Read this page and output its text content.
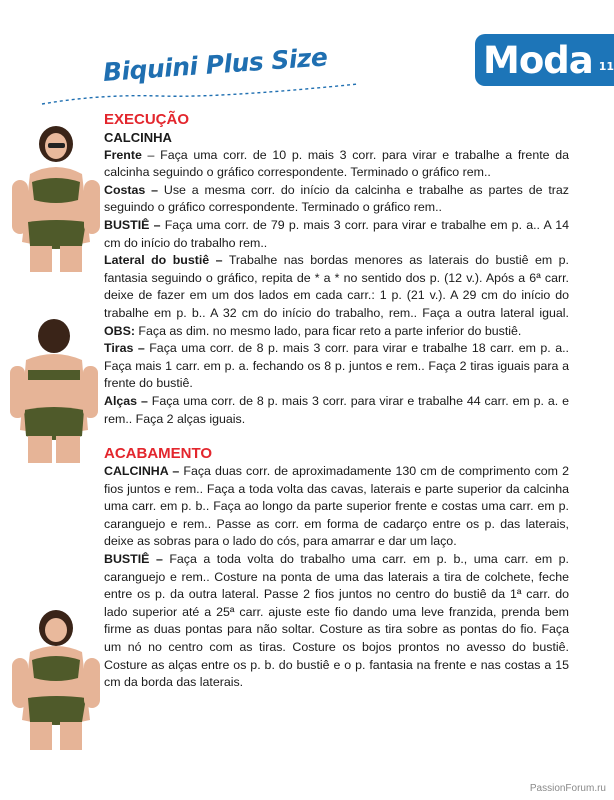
Moda 11
Biquini Plus Size
EXECUÇÃO
CALCINHA

Frente – Faça uma corr. de 10 p. mais 3 corr. para virar e trabalhe a frente da calcinha seguindo o gráfico correspondente. Terminado o gráfico rem..

Costas – Use a mesma corr. do início da calcinha e trabalhe as partes de traz seguindo o gráfico correspondente. Terminado o gráfico rem..

BUSTIÊ – Faça uma corr. de 79 p. mais 3 corr. para virar e trabalhe em p. a.. A 14 cm do início do trabalho rem..

Lateral do bustiê – Trabalhe nas bordas menores as laterais do bustiê em p. fantasia seguindo o gráfico, repita de * a * no sentido dos p. (12 v.). Após a 6ª carr. deixe de fazer em um dos lados em cada carr.: 1 p. (21 v.). A 29 cm do início do trabalhe em p. b.. A 32 cm do início do trabalho, rem.. Faça a outra lateral igual. OBS: Faça as dim. no mesmo lado, para ficar reto a parte inferior do bustiê.

Tiras – Faça uma corr. de 8 p. mais 3 corr. para virar e trabalhe 18 carr. em p. a.. Faça mais 1 carr. em p. a. fechando os 8 p. juntos e rem.. Faça 2 tiras iguais para a frente do bustiê.

Alças – Faça uma corr. de 8 p. mais 3 corr. para virar e trabalhe 44 carr. em p. a. e rem.. Faça 2 alças iguais.

ACABAMENTO

CALCINHA – Faça duas corr. de aproximadamente 130 cm de comprimento com 2 fios juntos e rem.. Faça a toda volta das cavas, laterais e parte superior da calcinha uma carr. em p. b.. Faça ao longo da parte superior frente e costas uma carr. em p. caranguejo e rem.. Passe as corr. em forma de cadarço entre os p. das laterais, deixe as sobras para o lado do cós, para amarrar e dar um laço.

BUSTIÊ – Faça a toda volta do trabalho uma carr. em p. b., uma carr. em p. caranguejo e rem.. Costure na ponta de uma das laterais a tira de colchete, feche entre os p. da outra lateral. Passe 2 fios juntos no centro do bustiê da 1ª carr. do lado superior até a 25ª carr. ajuste este fio dando uma leve franzida, prenda bem firme as duas pontas para não soltar. Costure as tira sobre as pontas do fio. Faça um nó no centro com as tiras. Costure os bojos prontos no avesso do bustiê. Costure as alças entre os p. b. do bustiê e o p. fantasia na frente e nas costas a 15 cm da borda das laterais.

PassionForum.ru
